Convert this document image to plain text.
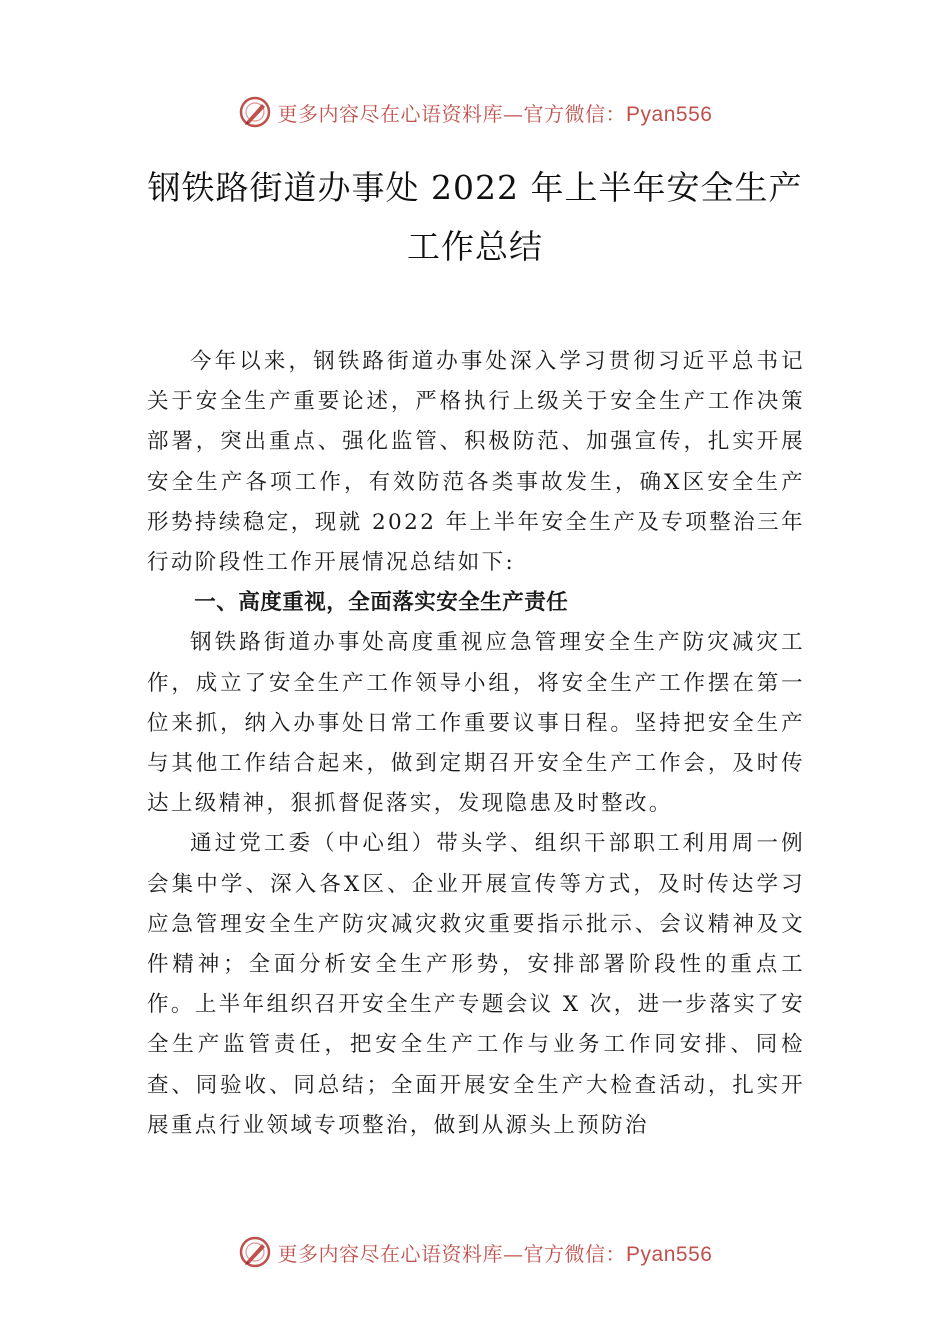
更多内容尽在心语资料库—官方微信：Pyan556
钢铁路街道办事处 2022 年上半年安全生产
工作总结

今年以来，钢铁路街道办事处深入学习贯彻习近平总书记关于安全生产重要论述，严格执行上级关于安全生产工作决策部署，突出重点、强化监管、积极防范、加强宣传，扎实开展安全生产各项工作，有效防范各类事故发生，确X区安全生产形势持续稳定，现就 2022 年上半年安全生产及专项整治三年行动阶段性工作开展情况总结如下:

一、高度重视，全面落实安全生产责任

钢铁路街道办事处高度重视应急管理安全生产防灾减灾工作，成立了安全生产工作领导小组，将安全生产工作摆在第一位来抓，纳入办事处日常工作重要议事日程。坚持把安全生产与其他工作结合起来，做到定期召开安全生产工作会，及时传达上级精神，狠抓督促落实，发现隐患及时整改。

通过党工委（中心组）带头学、组织干部职工利用周一例会集中学、深入各X区、企业开展宣传等方式，及时传达学习应急管理安全生产防灾减灾救灾重要指示批示、会议精神及文件精神；全面分析安全生产形势，安排部署阶段性的重点工作。上半年组织召开安全生产专题会议 X 次，进一步落实了安全生产监管责任，把安全生产工作与业务工作同安排、同检查、同验收、同总结；全面开展安全生产大检查活动，扎实开展重点行业领域专项整治，做到从源头上预防治

更多内容尽在心语资料库—官方微信：Pyan556
